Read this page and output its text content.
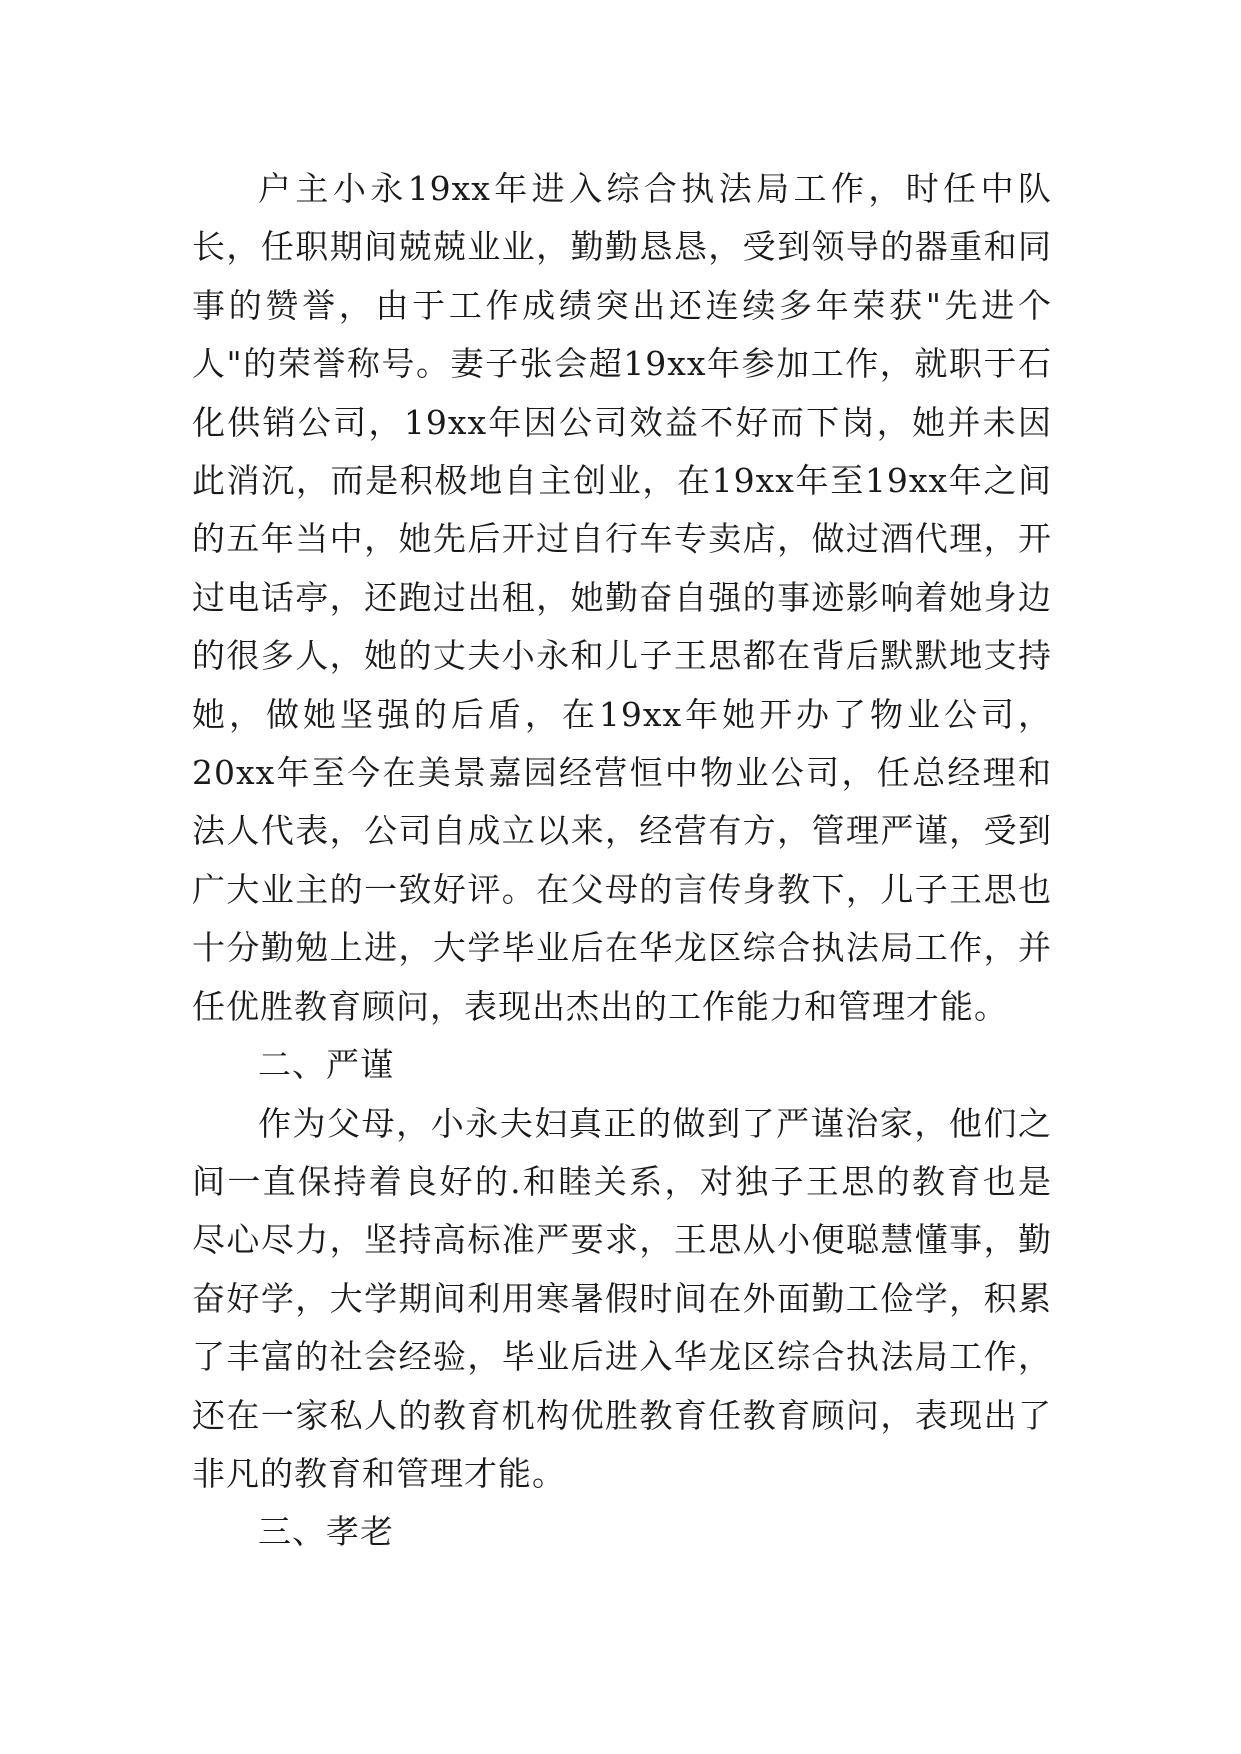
户主小永19xx年进入综合执法局工作，时任中队长，任职期间兢兢业业，勤勤恳恳，受到领导的器重和同事的赞誉，由于工作成绩突出还连续多年荣获"先进个人"的荣誉称号。妻子张会超19xx年参加工作，就职于石化供销公司，19xx年因公司效益不好而下岗，她并未因此消沉，而是积极地自主创业，在19xx年至19xx年之间的五年当中，她先后开过自行车专卖店，做过酒代理，开过电话亭，还跑过出租，她勤奋自强的事迹影响着她身边的很多人，她的丈夫小永和儿子王思都在背后默默地支持她，做她坚强的后盾，在19xx年她开办了物业公司，20xx年至今在美景嘉园经营恒中物业公司，任总经理和法人代表，公司自成立以来，经营有方，管理严谨，受到广大业主的一致好评。在父母的言传身教下，儿子王思也十分勤勉上进，大学毕业后在华龙区综合执法局工作，并任优胜教育顾问，表现出杰出的工作能力和管理才能。

二、严谨

作为父母，小永夫妇真正的做到了严谨治家，他们之间一直保持着良好的.和睦关系，对独子王思的教育也是尽心尽力，坚持高标准严要求，王思从小便聪慧懂事，勤奋好学，大学期间利用寒暑假时间在外面勤工俭学，积累了丰富的社会经验，毕业后进入华龙区综合执法局工作，还在一家私人的教育机构优胜教育任教育顾问，表现出了非凡的教育和管理才能。

三、孝老
